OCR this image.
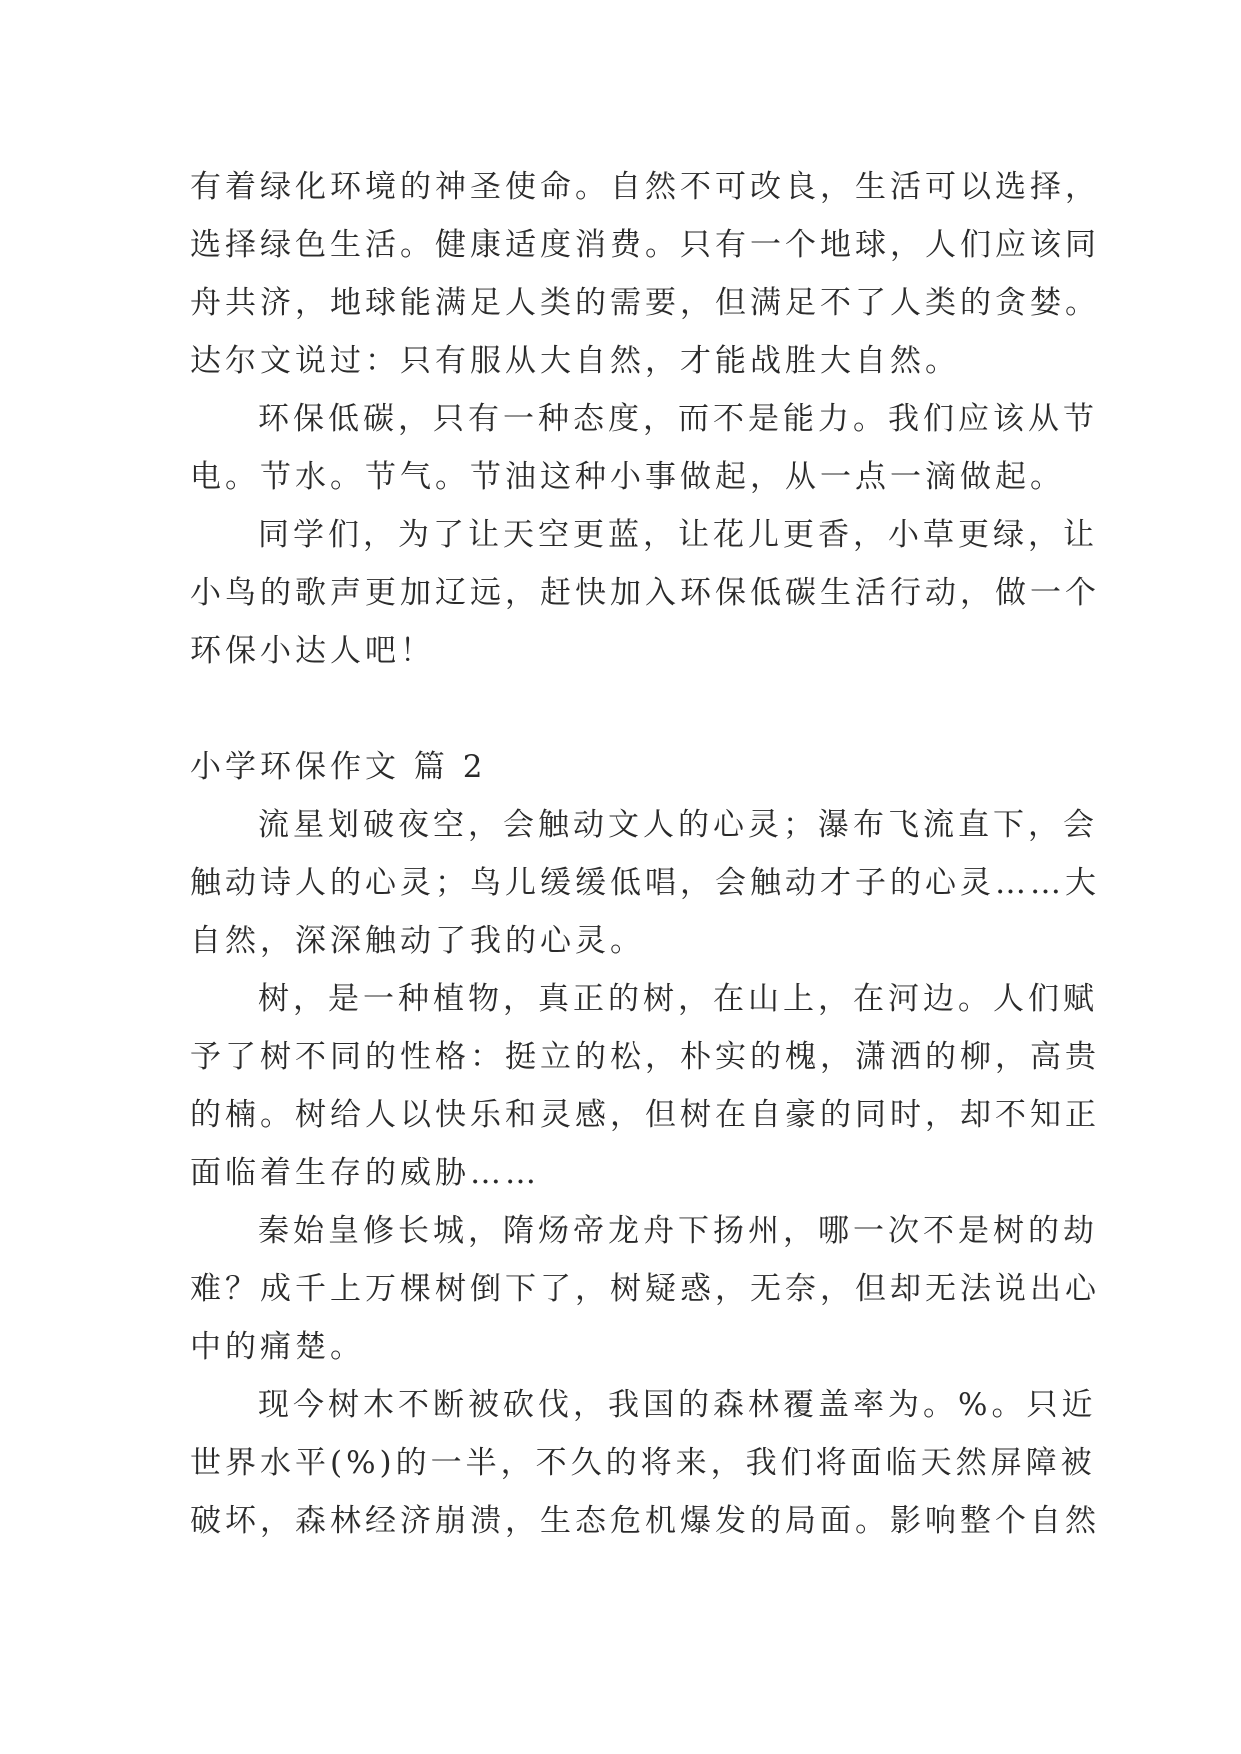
有着绿化环境的神圣使命。自然不可改良，生活可以选择，
选择绿色生活。健康适度消费。只有一个地球，人们应该同
舟共济，地球能满足人类的需要，但满足不了人类的贪婪。
达尔文说过：只有服从大自然，才能战胜大自然。
环保低碳，只有一种态度，而不是能力。我们应该从节
电。节水。节气。节油这种小事做起，从一点一滴做起。
同学们，为了让天空更蓝，让花儿更香，小草更绿，让
小鸟的歌声更加辽远，赶快加入环保低碳生活行动，做一个
环保小达人吧！
小学环保作文 篇 2
流星划破夜空，会触动文人的心灵；瀑布飞流直下，会
触动诗人的心灵；鸟儿缓缓低唱，会触动才子的心灵……大
自然，深深触动了我的心灵。
树，是一种植物，真正的树，在山上，在河边。人们赋
予了树不同的性格：挺立的松，朴实的槐，潇洒的柳，高贵
的楠。树给人以快乐和灵感，但树在自豪的同时，却不知正
面临着生存的威胁……
秦始皇修长城，隋炀帝龙舟下扬州，哪一次不是树的劫
难？成千上万棵树倒下了，树疑惑，无奈，但却无法说出心
中的痛楚。
现今树木不断被砍伐，我国的森林覆盖率为。%。只近
世界水平(%)的一半，不久的将来，我们将面临天然屏障被
破坏，森林经济崩溃，生态危机爆发的局面。影响整个自然
